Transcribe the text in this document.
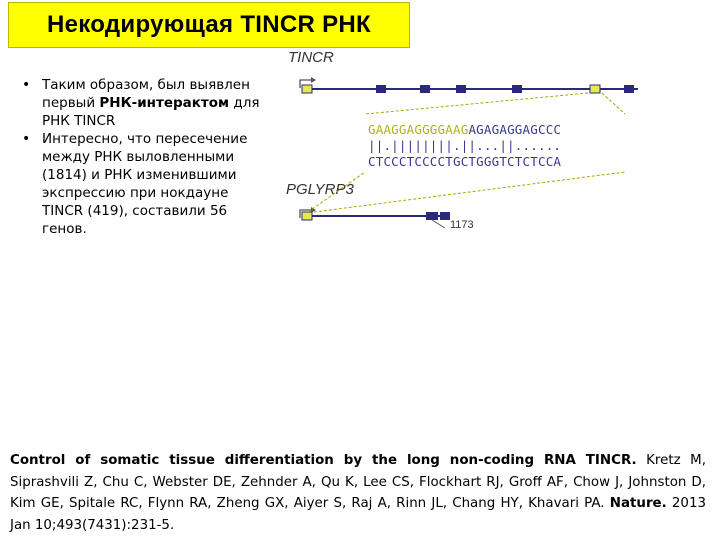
Некодирующая TINCR РНК
• Таким образом, был выявлен первый РНК-интерактом для РНК TINCR
• Интересно, что пересечение между РНК выловленными (1814) и РНК изменившими экспрессию при нокдауне TINCR (419), составили 56 генов.
TINCR
GAAGGAGGGGAAGAGAGAGGAGCCC
||.||||||||.||...||......
CTCCCTCCCCTGCTGGGTCTCTCCA
PGLYRP3
1173
Control of somatic tissue differentiation by the long non-coding RNA TINCR. Kretz M, Siprashvili Z, Chu C, Webster DE, Zehnder A, Qu K, Lee CS, Flockhart RJ, Groff AF, Chow J, Johnston D, Kim GE, Spitale RC, Flynn RA, Zheng GX, Aiyer S, Raj A, Rinn JL, Chang HY, Khavari PA. Nature. 2013 Jan 10;493(7431):231-5.
